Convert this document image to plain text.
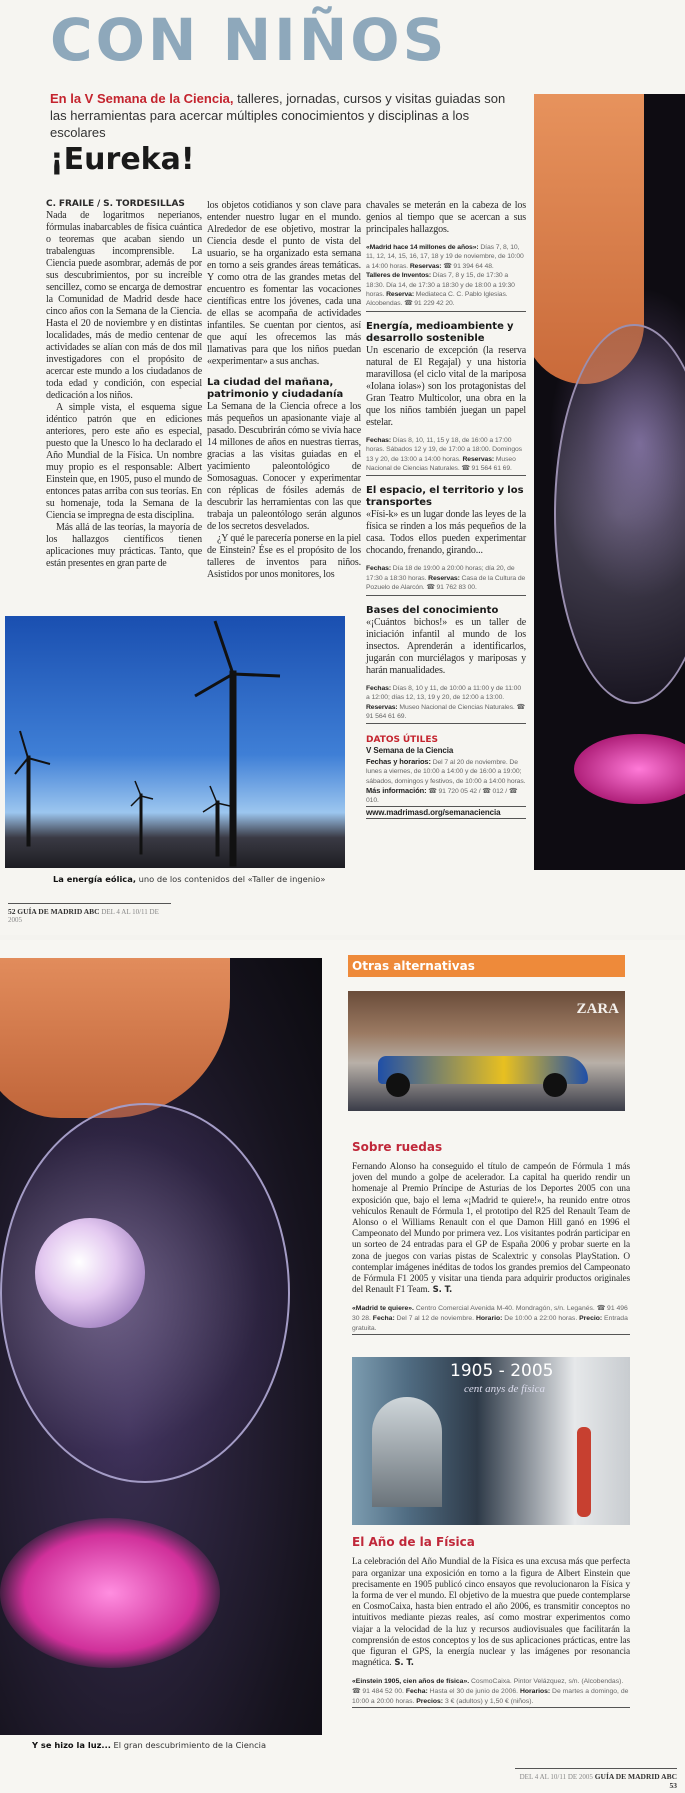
CON NIÑOS
En la V Semana de la Ciencia, talleres, jornadas, cursos y visitas guiadas son las herramientas para acercar múltiples conocimientos y disciplinas a los escolares
¡Eureka!
C. FRAILE / S. TORDESILLAS

Nada de logaritmos neperianos, fórmulas inabarcables de física cuántica o teoremas que acaban siendo un trabalenguas incomprensible. La Ciencia puede asombrar, además de por sus descubrimientos, por su increíble sencillez, como se encarga de demostrar la Comunidad de Madrid desde hace cinco años con la Semana de la Ciencia. Hasta el 20 de noviembre y en distintas localidades, más de medio centenar de actividades se alían con más de dos mil investigadores con el propósito de acercar este mundo a los ciudadanos de toda edad y condición, con especial dedicación a los niños.

A simple vista, el esquema sigue idéntico patrón que en ediciones anteriores, pero este año es especial, puesto que la Unesco lo ha declarado el Año Mundial de la Física. Un nombre muy propio es el responsable: Albert Einstein que, en 1905, puso el mundo de entonces patas arriba con sus teorías. En su homenaje, toda la Semana de la Ciencia se impregna de esta disciplina.

Más allá de las teorías, la mayoría de los hallazgos científicos tienen aplicaciones muy prácticas. Tanto, que están presentes en gran parte de

los objetos cotidianos y son clave para entender nuestro lugar en el mundo. Alrededor de ese objetivo, mostrar la Ciencia desde el punto de vista del usuario, se ha organizado esta semana en torno a seis grandes áreas temáticas. Y como otra de las grandes metas del encuentro es fomentar las vocaciones científicas entre los jóvenes, cada una de ellas se acompaña de actividades infantiles. Se cuentan por cientos, así que aquí les ofrecemos las más llamativas para que los niños puedan «experimentar» a sus anchas.

La ciudad del mañana, patrimonio y ciudadanía

La Semana de la Ciencia ofrece a los más pequeños un apasionante viaje al pasado. Descubrirán cómo se vivía hace 14 millones de años en nuestras tierras, gracias a las visitas guiadas en el yacimiento paleontológico de Somosaguas. Conocer y experimentar con réplicas de fósiles además de descubrir las herramientas con las que trabaja un paleontólogo serán algunos de los secretos desvelados.

¿Y qué le parecería ponerse en la piel de Einstein? Ése es el propósito de los talleres de inventos para niños. Asistidos por unos monitores, los

chavales se meterán en la cabeza de los genios al tiempo que se acercan a sus principales hallazgos.

«Madrid hace 14 millones de años»: Días 7, 8, 10, 11, 12, 14, 15, 16, 17, 18 y 19 de noviembre, de 10:00 a 14:00 horas. Reservas: ☎ 91 394 64 48.
Talleres de Inventos: Días 7, 8 y 15, de 17:30 a 18:30. Día 14, de 17:30 a 18:30 y de 18:00 a 19:30 horas. Reserva: Mediateca C. C. Pablo Iglesias. Alcobendas. ☎ 91 229 42 20.
Energía, medioambiente y desarrollo sostenible

Un escenario de excepción (la reserva natural de El Regajal) y una historia maravillosa (el ciclo vital de la mariposa «Iolana iolas») son los protagonistas del Gran Teatro Multicolor, una obra en la que los niños también juegan un papel estelar.

Fechas: Días 8, 10, 11, 15 y 18, de 16:00 a 17:00 horas. Sábados 12 y 19, de 17:00 a 18:00. Domingos 13 y 20, de 13:00 a 14:00 horas. Reservas: Museo Nacional de Ciencias Naturales. ☎ 91 564 61 69.
El espacio, el territorio y los transportes

«Físi-k» es un lugar donde las leyes de la física se rinden a los más pequeños de la casa. Todos ellos pueden experimentar chocando, frenando, girando...

Fechas: Día 18 de 19:00 a 20:00 horas; día 20, de 17:30 a 18:30 horas. Reservas: Casa de la Cultura de Pozuelo de Alarcón. ☎ 91 762 83 00.
Bases del conocimiento

«¡Cuántos bichos!» es un taller de iniciación infantil al mundo de los insectos. Aprenderán a identificarlos, jugarán con murciélagos y mariposas y harán manualidades.

Fechas: Días 8, 10 y 11, de 10:00 a 11:00 y de 11:00 a 12:00; días 12, 13, 19 y 20, de 12:00 a 13:00. Reservas: Museo Nacional de Ciencias Naturales. ☎ 91 564 61 69.
DATOS ÚTILES
V Semana de la Ciencia
Fechas y horarios: Del 7 al 20 de noviembre. De lunes a viernes, de 10:00 a 14:00 y de 16:00 a 19:00; sábados, domingos y festivos, de 10:00 a 14:00 horas.
Más información: ☎ 91 720 05 42 / ☎ 012 / ☎ 010.
www.madrimasd.org/semanaciencia
La energía eólica, uno de los contenidos del «Taller de ingenio»
52 GUÍA DE MADRID ABC DEL 4 AL 10/11 DE 2005
Y se hizo la luz... El gran descubrimiento de la Ciencia
Otras alternativas
ZARA
Sobre ruedas
Fernando Alonso ha conseguido el título de campeón de Fórmula 1 más joven del mundo a golpe de acelerador. La capital ha querido rendir un homenaje al Premio Príncipe de Asturias de los Deportes 2005 con una exposición que, bajo el lema «¡Madrid te quiere!», ha reunido entre otros vehículos Renault de Fórmula 1, el prototipo del R25 del Renault Team de Alonso o el Williams Renault con el que Damon Hill ganó en 1996 el Campeonato del Mundo por primera vez. Los visitantes podrán participar en un sorteo de 24 entradas para el GP de España 2006 y probar suerte en la zona de juegos con varias pistas de Scalextric y consolas PlayStation. O contemplar imágenes inéditas de todos los grandes premios del Campeonato de Fórmula F1 2005 y visitar una tienda para adquirir productos originales del Renault F1 Team. S. T.
«Madrid te quiere». Centro Comercial Avenida M-40. Mondragón, s/n. Leganés. ☎ 91 496 30 28. Fecha: Del 7 al 12 de noviembre. Horario: De 10:00 a 22:00 horas. Precio: Entrada gratuita.
1905 - 2005
cent anys de física
El Año de la Física
La celebración del Año Mundial de la Física es una excusa más que perfecta para organizar una exposición en torno a la figura de Albert Einstein que precisamente en 1905 publicó cinco ensayos que revolucionaron la Física y la forma de ver el mundo. El objetivo de la muestra que puede contemplarse en CosmoCaixa, hasta bien entrado el año 2006, es transmitir conceptos no intuitivos mediante piezas reales, así como mostrar experimentos como viajar a la velocidad de la luz y recursos audiovisuales que facilitarán la comprensión de estos conceptos y los de sus aplicaciones prácticas, entre las que figuran el GPS, la energía nuclear y las imágenes por resonancia magnética. S. T.
«Einstein 1905, cien años de física». CosmoCaixa. Pintor Velázquez, s/n. (Alcobendas). ☎ 91 484 52 00. Fecha: Hasta el 30 de junio de 2006. Horarios: De martes a domingo, de 10:00 a 20:00 horas. Precios: 3 € (adultos) y 1,50 € (niños).
DEL 4 AL 10/11 DE 2005 GUÍA DE MADRID ABC 53
